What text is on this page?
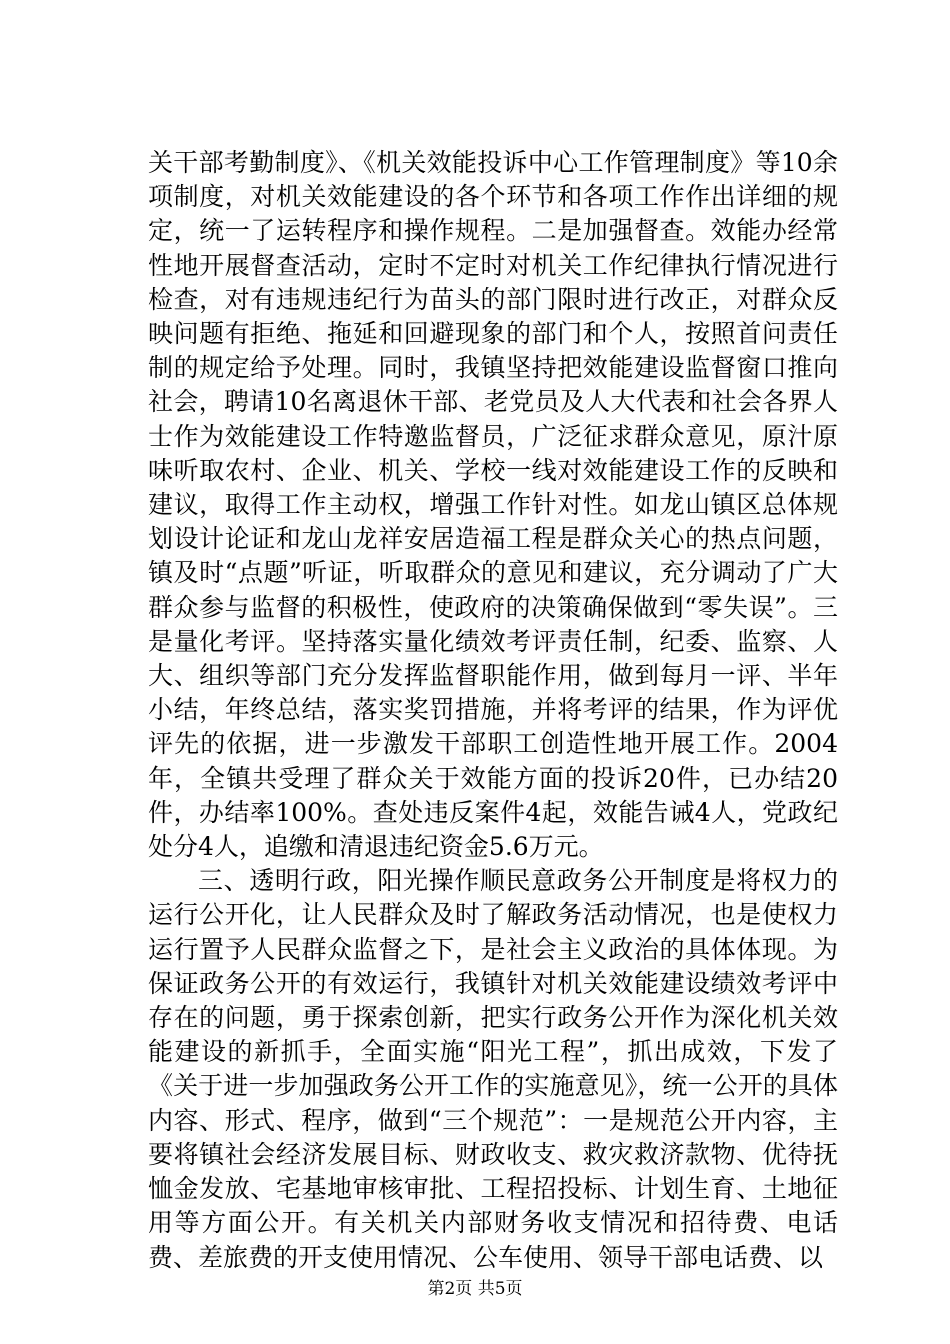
关干部考勤制度》、《机关效能投诉中心工作管理制度》等10余项制度，对机关效能建设的各个环节和各项工作作出详细的规定，统一了运转程序和操作规程。二是加强督查。效能办经常性地开展督查活动，定时不定时对机关工作纪律执行情况进行检查，对有违规违纪行为苗头的部门限时进行改正，对群众反映问题有拒绝、拖延和回避现象的部门和个人，按照首问责任制的规定给予处理。同时，我镇坚持把效能建设监督窗口推向社会，聘请10名离退休干部、老党员及人大代表和社会各界人士作为效能建设工作特邀监督员，广泛征求群众意见，原汁原味听取农村、企业、机关、学校一线对效能建设工作的反映和建议，取得工作主动权，增强工作针对性。如龙山镇区总体规划设计论证和龙山龙祥安居造福工程是群众关心的热点问题，镇及时“点题”听证，听取群众的意见和建议，充分调动了广大群众参与监督的积极性，使政府的决策确保做到“零失误”。三是量化考评。坚持落实量化绩效考评责任制，纪委、监察、人大、组织等部门充分发挥监督职能作用，做到每月一评、半年小结，年终总结，落实奖罚措施，并将考评的结果，作为评优评先的依据，进一步激发干部职工创造性地开展工作。2004年，全镇共受理了群众关于效能方面的投诉20件，已办结20件，办结率100%。查处违反案件4起，效能告诫4人，党政纪处分4人，追缴和清退违纪资金5.6万元。

三、透明行政，阳光操作顺民意政务公开制度是将权力的运行公开化，让人民群众及时了解政务活动情况，也是使权力运行置予人民群众监督之下，是社会主义政治的具体体现。为保证政务公开的有效运行，我镇针对机关效能建设绩效考评中存在的问题，勇于探索创新，把实行政务公开作为深化机关效能建设的新抓手，全面实施“阳光工程”，抓出成效，下发了《关于进一步加强政务公开工作的实施意见》，统一公开的具体内容、形式、程序，做到“三个规范”：一是规范公开内容，主要将镇社会经济发展目标、财政收支、救灾救济款物、优待抚恤金发放、宅基地审核审批、工程招投标、计划生育、土地征用等方面公开。有关机关内部财务收支情况和招待费、电话费、差旅费的开支使用情况、公车使用、领导干部电话费、以

第2页 共5页
